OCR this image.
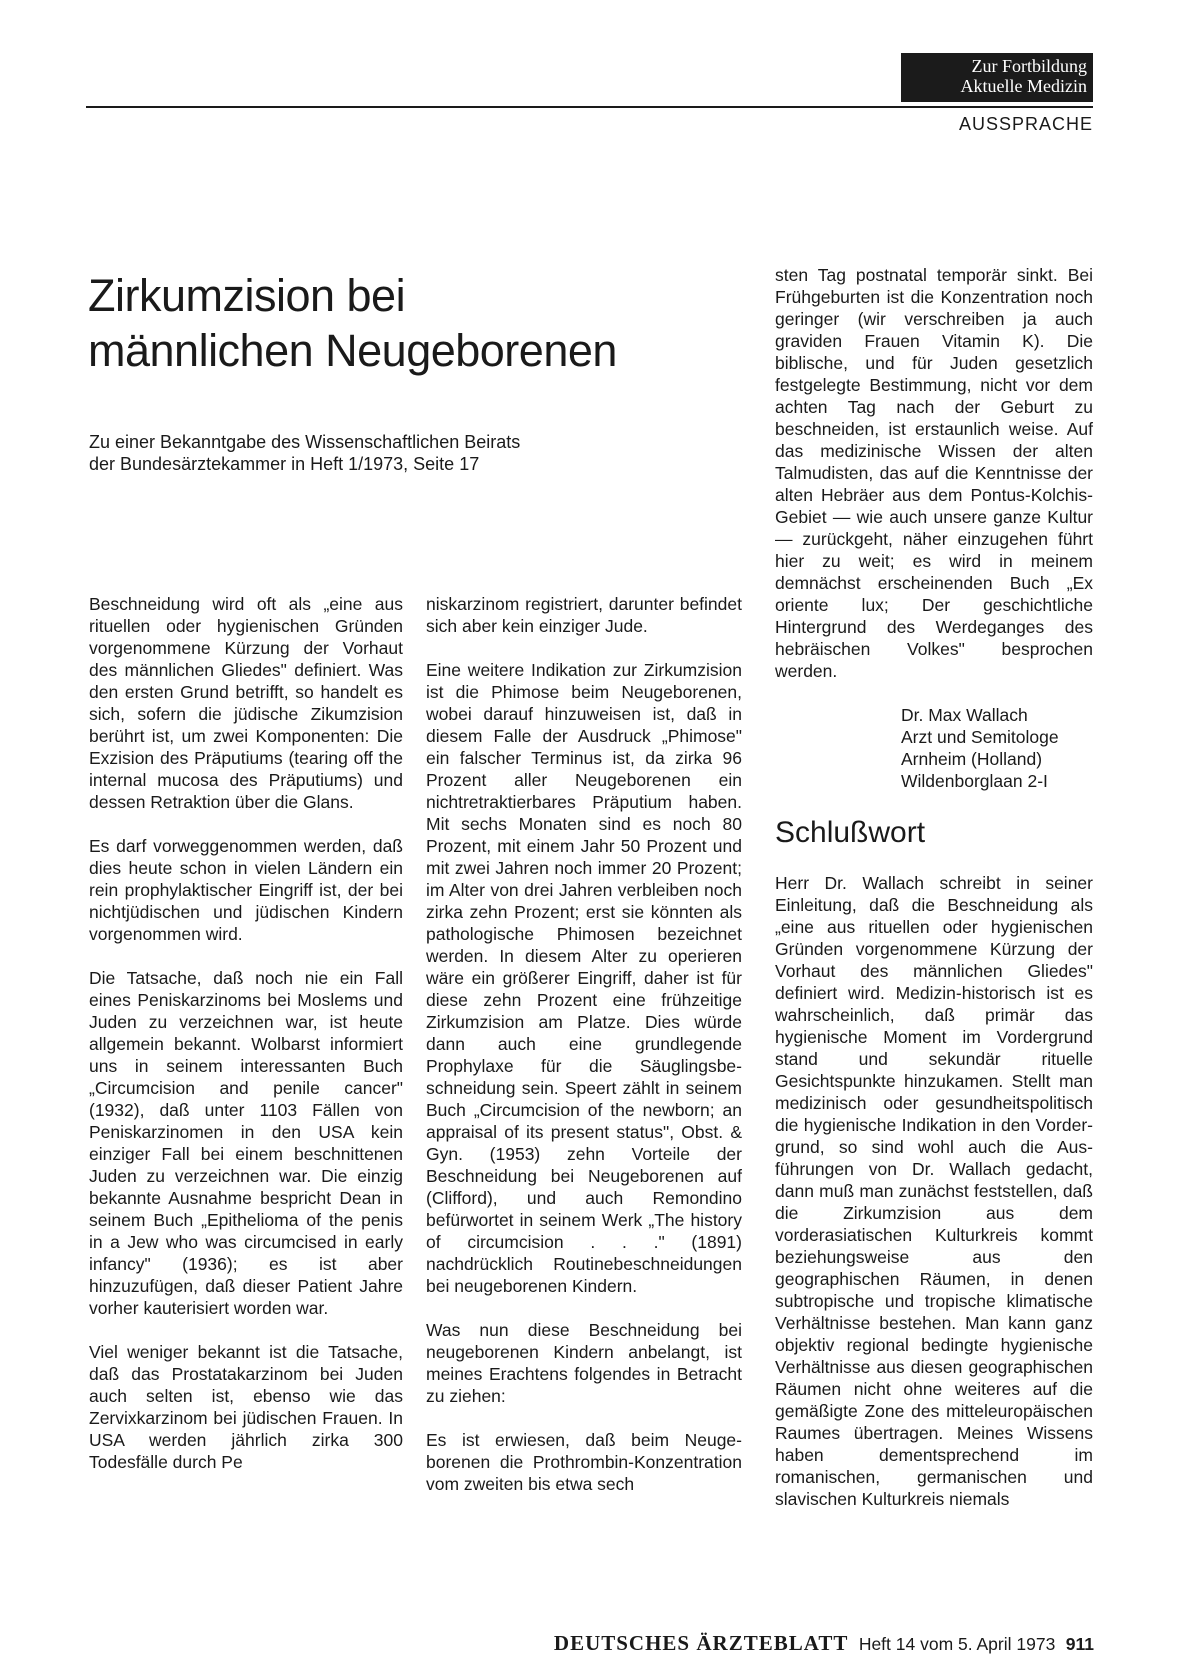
Zur Fortbildung
Aktuelle Medizin
AUSSPRACHE
Zirkumzision bei
männlichen Neugeborenen
Zu einer Bekanntgabe des Wissenschaftlichen Beirats
der Bundesärztekammer in Heft 1/1973, Seite 17

Beschneidung wird oft als „eine aus rituellen oder hygienischen Gründen vorgenommene Kürzung der Vorhaut des männlichen Gliedes" definiert. Was den ersten Grund betrifft, so handelt es sich, sofern die jüdische Zikumzision berührt ist, um zwei Komponenten: Die Exzision des Präputiums (tearing off the internal mucosa des Präputiums) und dessen Retraktion über die Glans.

Es darf vorweggenommen werden, daß dies heute schon in vielen Ländern ein rein prophylaktischer Eingriff ist, der bei nichtjüdischen und jüdischen Kindern vorgenommen wird.

Die Tatsache, daß noch nie ein Fall eines Peniskarzinoms bei Moslems und Juden zu verzeichnen war, ist heute allgemein bekannt. Wolbarst informiert uns in seinem interessanten Buch „Circumcision and penile cancer" (1932), daß unter 1103 Fällen von Peniskarzinomen in den USA kein einziger Fall bei einem beschnittenen Juden zu verzeichnen war. Die einzig bekannte Ausnahme bespricht Dean in seinem Buch „Epithelioma of the penis in a Jew who was circumcised in early infancy" (1936); es ist aber hinzuzufügen, daß dieser Patient Jahre vorher kauterisiert worden war.

Viel weniger bekannt ist die Tatsache, daß das Prostatakarzinom bei Juden auch selten ist, ebenso wie das Zervixkarzinom bei jüdischen Frauen. In USA werden jährlich zirka 300 Todesfälle durch Pe

niskarzinom registriert, darunter befindet sich aber kein einziger Jude.

Eine weitere Indikation zur Zirkumzision ist die Phimose beim Neugeborenen, wobei darauf hinzuweisen ist, daß in diesem Falle der Ausdruck „Phimose" ein falscher Terminus ist, da zirka 96 Prozent aller Neugeborenen ein nichtretraktierbares Präputium haben. Mit sechs Monaten sind es noch 80 Prozent, mit einem Jahr 50 Prozent und mit zwei Jahren noch immer 20 Prozent; im Alter von drei Jahren verbleiben noch zirka zehn Prozent; erst sie könnten als pathologische Phimosen bezeichnet werden. In diesem Alter zu operieren wäre ein größerer Eingriff, daher ist für diese zehn Prozent eine frühzeitige Zirkumzision am Platze. Dies würde dann auch eine grundlegende Prophylaxe für die Säuglingsbeschneidung sein. Speert zählt in seinem Buch „Circumcision of the newborn; an appraisal of its present status", Obst. & Gyn. (1953) zehn Vorteile der Beschneidung bei Neugeborenen auf (Clifford), und auch Remondino befürwortet in seinem Werk „The history of circumcision . . ." (1891) nachdrücklich Routinebeschneidungen bei neugeborenen Kindern.

Was nun diese Beschneidung bei neugeborenen Kindern anbelangt, ist meines Erachtens folgendes in Betracht zu ziehen:

Es ist erwiesen, daß beim Neugeborenen die Prothrombin-Konzentration vom zweiten bis etwa sech

sten Tag postnatal temporär sinkt. Bei Frühgeburten ist die Konzentration noch geringer (wir verschreiben ja auch graviden Frauen Vitamin K). Die biblische, und für Juden gesetzlich festgelegte Bestimmung, nicht vor dem achten Tag nach der Geburt zu beschneiden, ist erstaunlich weise. Auf das medizinische Wissen der alten Talmudisten, das auf die Kenntnisse der alten Hebräer aus dem Pontus-Kolchis-Gebiet — wie auch unsere ganze Kultur — zurückgeht, näher einzugehen führt hier zu weit; es wird in meinem demnächst erscheinenden Buch „Ex oriente lux; Der geschichtliche Hintergrund des Werdeganges des hebräischen Volkes" besprochen werden.

Dr. Max Wallach
Arzt und Semitologe
Arnheim (Holland)
Wildenborglaan 2-I
Schlußwort

Herr Dr. Wallach schreibt in seiner Einleitung, daß die Beschneidung als „eine aus rituellen oder hygienischen Gründen vorgenommene Kürzung der Vorhaut des männlichen Gliedes" definiert wird. Medizin-historisch ist es wahrscheinlich, daß primär das hygienische Moment im Vordergrund stand und sekundär rituelle Gesichtspunkte hinzukamen. Stellt man medizinisch oder gesundheitspolitisch die hygienische Indikation in den Vordergrund, so sind wohl auch die Ausführungen von Dr. Wallach gedacht, dann muß man zunächst feststellen, daß die Zirkumzision aus dem vorderasiatischen Kulturkreis kommt beziehungsweise aus den geographischen Räumen, in denen subtropische und tropische klimatische Verhältnisse bestehen. Man kann ganz objektiv regional bedingte hygienische Verhältnisse aus diesen geographischen Räumen nicht ohne weiteres auf die gemäßigte Zone des mitteleuropäischen Raumes übertragen. Meines Wissens haben dementsprechend im romanischen, germanischen und slavischen Kulturkreis niemals

DEUTSCHES ÄRZTEBLATT Heft 14 vom 5. April 1973 911
